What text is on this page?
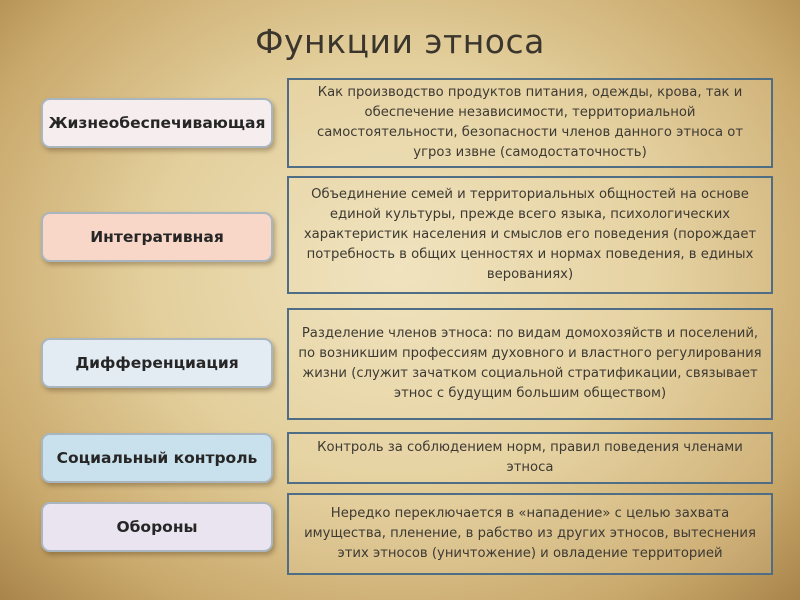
Функции этноса
Жизнеобеспечивающая
Как производство продуктов питания, одежды, крова, так и обеспечение независимости, территориальной самостоятельности, безопасности членов данного этноса от угроз извне (самодостаточность)
Интегративная
Объединение семей и территориальных общностей на основе единой культуры, прежде всего языка, психологических характеристик населения и смыслов его поведения (порождает потребность в общих ценностях и нормах поведения, в единых верованиях)
Дифференциация
Разделение членов этноса: по видам домохозяйств и поселений, по возникшим профессиям духовного и властного регулирования жизни (служит зачатком социальной стратификации, связывает этнос с будущим большим обществом)
Социальный контроль
Контроль за соблюдением норм, правил поведения членами этноса
Обороны
Нередко переключается в «нападение» с целью захвата имущества, пленение, в рабство из других этносов, вытеснения этих этносов (уничтожение) и овладение территорией
